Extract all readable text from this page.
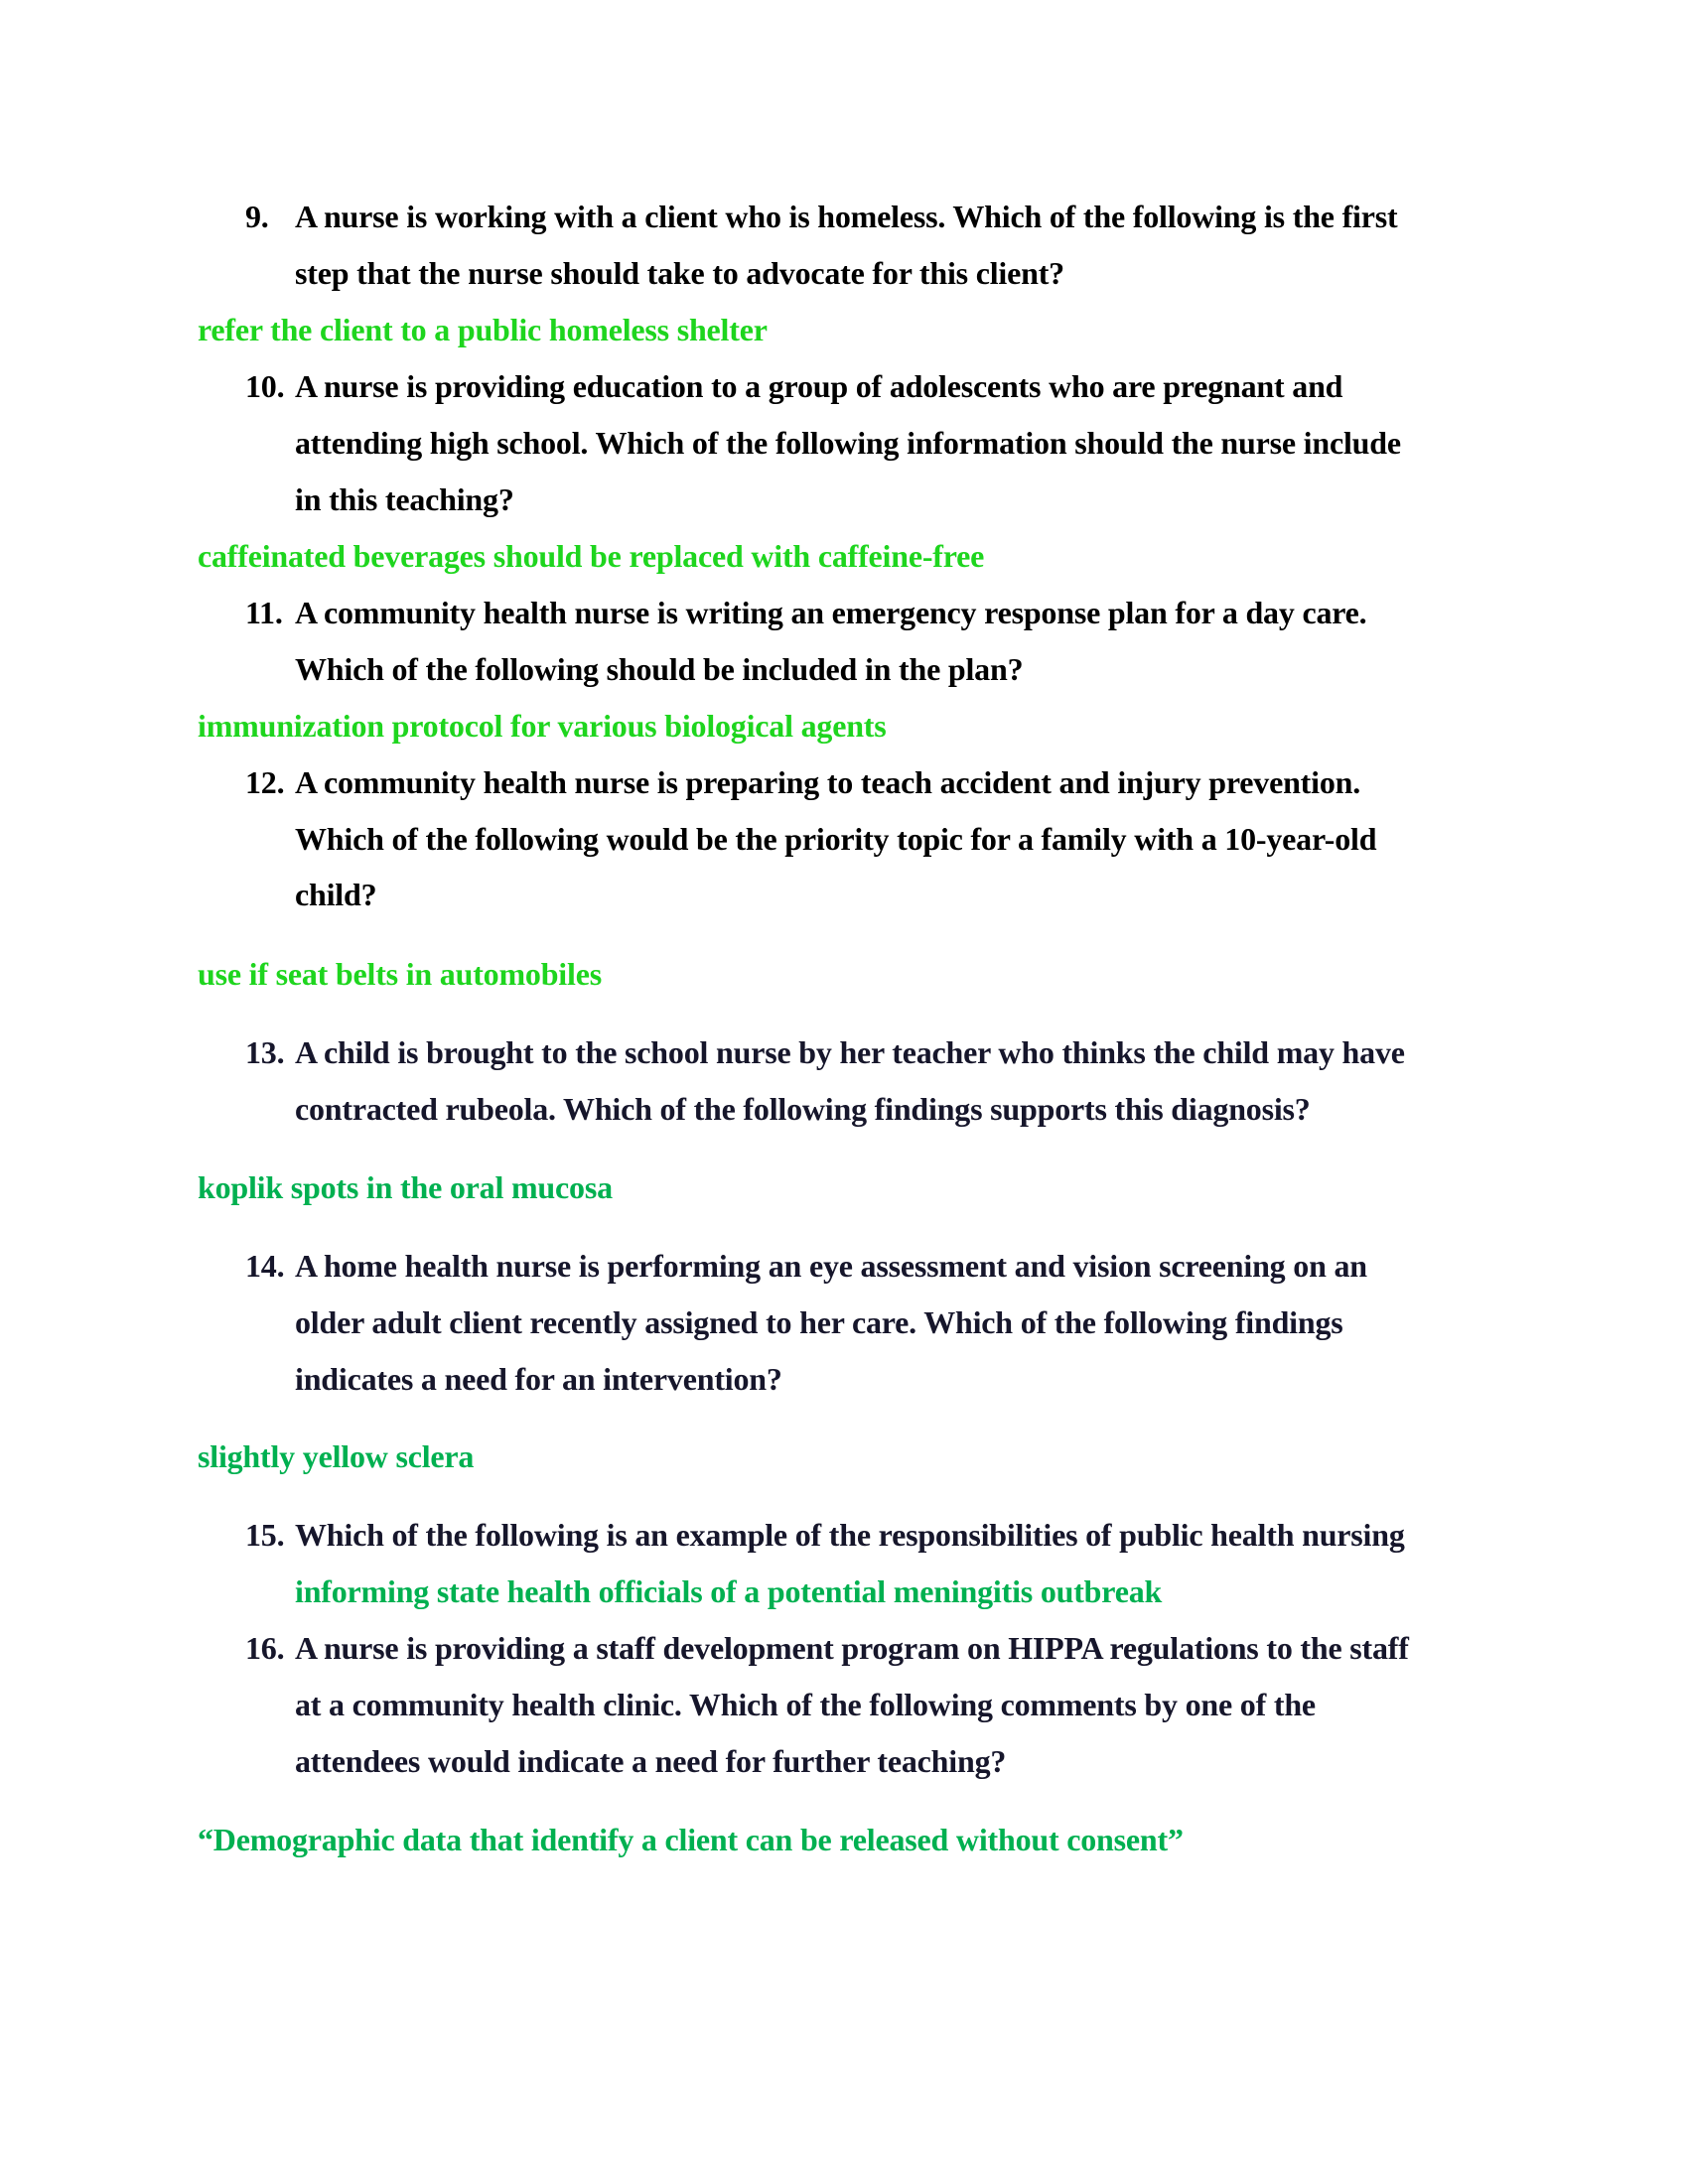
9. A nurse is working with a client who is homeless. Which of the following is the first
step that the nurse should take to advocate for this client?
refer the client to a public homeless shelter
10. A nurse is providing education to a group of adolescents who are pregnant and
attending high school. Which of the following information should the nurse include
in this teaching?
caffeinated beverages should be replaced with caffeine-free
11. A community health nurse is writing an emergency response plan for a day care.
Which of the following should be included in the plan?
immunization protocol for various biological agents
12. A community health nurse is preparing to teach accident and injury prevention.
Which of the following would be the priority topic for a family with a 10-year-old
child?
use if seat belts in automobiles
13. A child is brought to the school nurse by her teacher who thinks the child may have
contracted rubeola. Which of the following findings supports this diagnosis?
koplik spots in the oral mucosa
14. A home health nurse is performing an eye assessment and vision screening on an
older adult client recently assigned to her care. Which of the following findings
indicates a need for an intervention?
slightly yellow sclera
15. Which of the following is an example of the responsibilities of public health nursing
informing state health officials of a potential meningitis outbreak
16. A nurse is providing a staff development program on HIPPA regulations to the staff
at a community health clinic. Which of the following comments by one of the
attendees would indicate a need for further teaching?
“Demographic data that identify a client can be released without consent”
